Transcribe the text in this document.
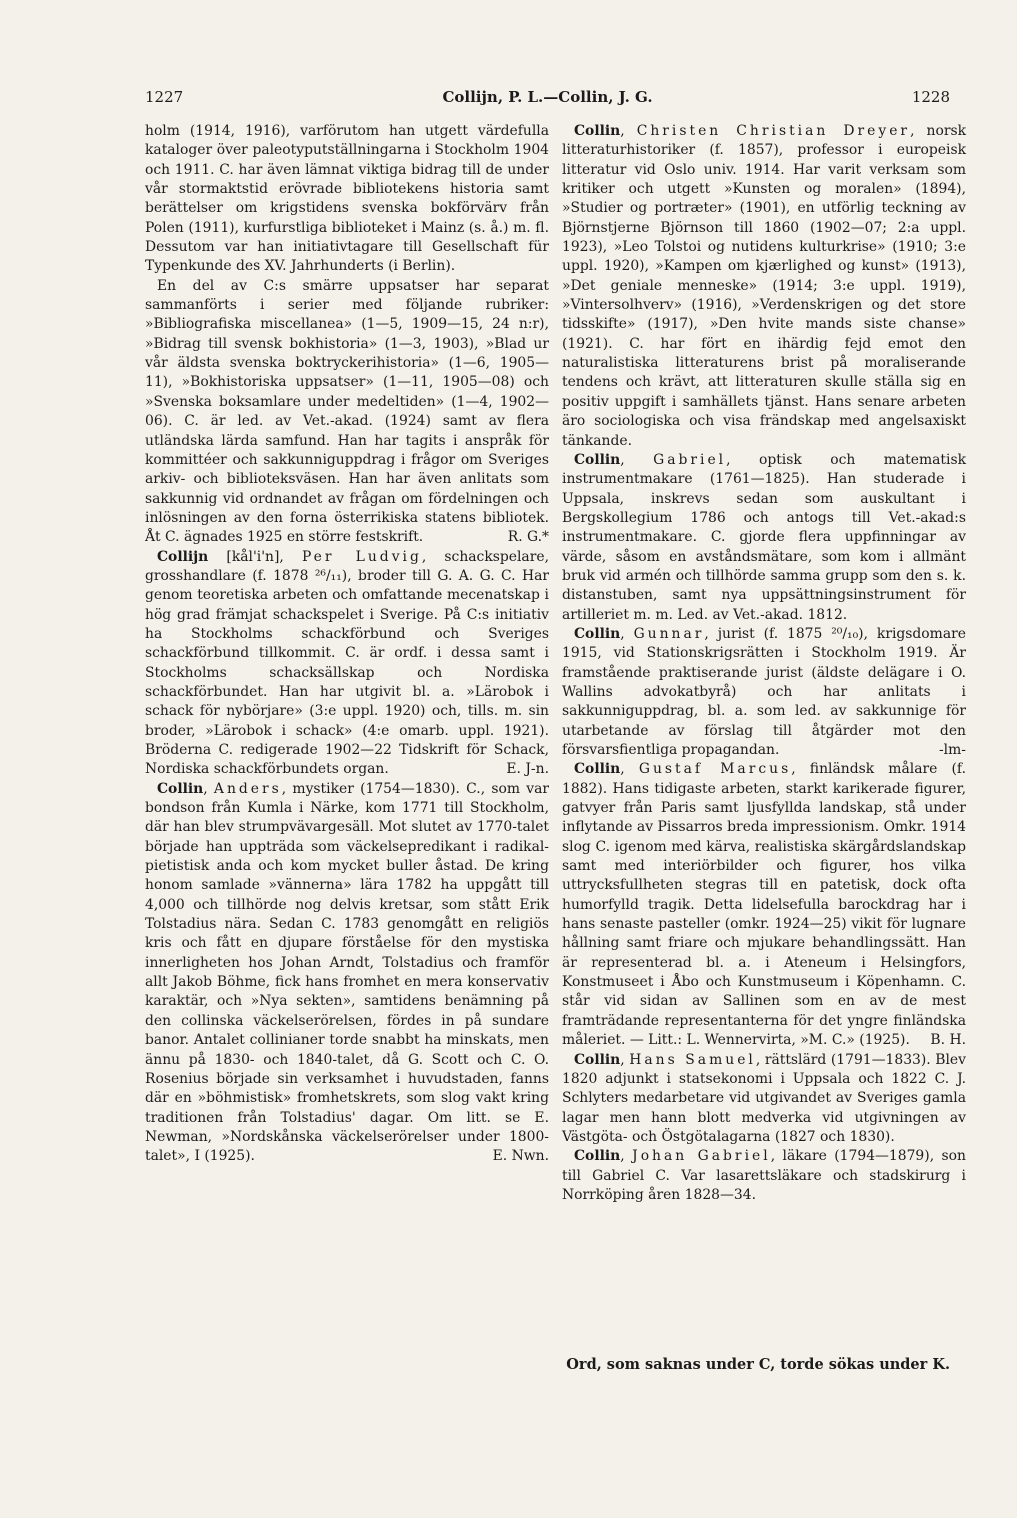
1227	Collijn, P. L.—Collin, J. G.	1228

holm (1914, 1916), varförutom han utgett värdefulla kataloger över paleotyputställningarna i Stockholm 1904 och 1911. C. har även lämnat viktiga bidrag till de under vår stormaktstid erövrade bibliotekens historia samt berättelser om krigstidens svenska bokförvärv från Polen (1911), kurfurstliga biblioteket i Mainz (s. å.) m. fl. Dessutom var han initiativtagare till Gesellschaft für Typenkunde des XV. Jahrhunderts (i Berlin).

En del av C:s smärre uppsatser har separat sammanförts i serier med följande rubriker: »Bibliografiska miscellanea» (1—5, 1909—15, 24 n:r), »Bidrag till svensk bokhistoria» (1—3, 1903), »Blad ur vår äldsta svenska boktryckerihistoria» (1—6, 1905—11), »Bokhistoriska uppsatser» (1—11, 1905—08) och »Svenska boksamlare under medeltiden» (1—4, 1902—06). C. är led. av Vet.-akad. (1924) samt av flera utländska lärda samfund. Han har tagits i anspråk för kommittéer och sakkunniguppdrag i frågor om Sveriges arkiv- och biblioteksväsen. Han har även anlitats som sakkunnig vid ordnandet av frågan om fördelningen och inlösningen av den forna österrikiska statens bibliotek. Åt C. ägnades 1925 en större festskrift.	R. G.*

Collijn [kål'i'n], Per Ludvig, schackspelare, grosshandlare (f. 1878 ²⁶/₁₁), broder till G. A. G. C. Har genom teoretiska arbeten och omfattande mecenatskap i hög grad främjat schackspelet i Sverige. På C:s initiativ ha Stockholms schackförbund och Sveriges schackförbund tillkommit. C. är ordf. i dessa samt i Stockholms schacksällskap och Nordiska schackförbundet. Han har utgivit bl. a. »Lärobok i schack för nybörjare» (3:e uppl. 1920) och, tills. m. sin broder, »Lärobok i schack» (4:e omarb. uppl. 1921). Bröderna C. redigerade 1902—22 Tidskrift för Schack, Nordiska schackförbundets organ.	E. J-n.

Collin, Anders, mystiker (1754—1830). C., som var bondson från Kumla i Närke, kom 1771 till Stockholm, där han blev strumpvävargesäll. Mot slutet av 1770-talet började han uppträda som väckelsepredikant i radikal-pietistisk anda och kom mycket buller åstad. De kring honom samlade »vännerna» lära 1782 ha uppgått till 4,000 och tillhörde nog delvis kretsar, som stått Erik Tolstadius nära. Sedan C. 1783 genomgått en religiös kris och fått en djupare förståelse för den mystiska innerligheten hos Johan Arndt, Tolstadius och framför allt Jakob Böhme, fick hans fromhet en mera konservativ karaktär, och »Nya sekten», samtidens benämning på den collinska väckelserörelsen, fördes in på sundare banor. Antalet collinianer torde snabbt ha minskats, men ännu på 1830- och 1840-talet, då G. Scott och C. O. Rosenius började sin verksamhet i huvudstaden, fanns där en »böhmistisk» fromhetskrets, som slog vakt kring traditionen från Tolstadius' dagar. Om litt. se E. Newman, »Nordskånska väckelserörelser under 1800-talet», I (1925).	E. Nwn.

Collin, Christen Christian Dreyer, norsk litteraturhistoriker (f. 1857), professor i europeisk litteratur vid Oslo univ. 1914. Har varit verksam som kritiker och utgett »Kunsten og moralen» (1894), »Studier og portræter» (1901), en utförlig teckning av Björnstjerne Björnson till 1860 (1902—07; 2:a uppl. 1923), »Leo Tolstoi og nutidens kulturkrise» (1910; 3:e uppl. 1920), »Kampen om kjærlighed og kunst» (1913), »Det geniale menneske» (1914; 3:e uppl. 1919), »Vintersolhverv» (1916), »Verdenskrigen og det store tidsskifte» (1917), »Den hvite mands siste chanse» (1921). C. har fört en ihärdig fejd emot den naturalistiska litteraturens brist på moraliserande tendens och krävt, att litteraturen skulle ställa sig en positiv uppgift i samhällets tjänst. Hans senare arbeten äro sociologiska och visa frändskap med angelsaxiskt tänkande.

Collin, Gabriel, optisk och matematisk instrumentmakare (1761—1825). Han studerade i Uppsala, inskrevs sedan som auskultant i Bergskollegium 1786 och antogs till Vet.-akad:s instrumentmakare. C. gjorde flera uppfinningar av värde, såsom en avståndsmätare, som kom i allmänt bruk vid armén och tillhörde samma grupp som den s. k. distanstuben, samt nya uppsättningsinstrument för artilleriet m. m. Led. av Vet.-akad. 1812.

Collin, Gunnar, jurist (f. 1875 ²⁰/₁₀), krigsdomare 1915, vid Stationskrigsrätten i Stockholm 1919. Är framstående praktiserande jurist (äldste delägare i O. Wallins advokatbyrå) och har anlitats i sakkunniguppdrag, bl. a. som led. av sakkunnige för utarbetande av förslag till åtgärder mot den försvarsfientliga propagandan.	-lm-

Collin, Gustaf Marcus, finländsk målare (f. 1882). Hans tidigaste arbeten, starkt karikerade figurer, gatvyer från Paris samt ljusfyllda landskap, stå under inflytande av Pissarros breda impressionism. Omkr. 1914 slog C. igenom med kärva, realistiska skärgårdslandskap samt med interiörbilder och figurer, hos vilka uttrycksfullheten stegras till en patetisk, dock ofta humorfylld tragik. Detta lidelsefulla barockdrag har i hans senaste pasteller (omkr. 1924—25) vikit för lugnare hållning samt friare och mjukare behandlingssätt. Han är representerad bl. a. i Ateneum i Helsingfors, Konstmuseet i Åbo och Kunstmuseum i Köpenhamn. C. står vid sidan av Sallinen som en av de mest framträdande representanterna för det yngre finländska måleriet. — Litt.: L. Wennervirta, »M. C.» (1925).	B. H.

Collin, Hans Samuel, rättslärd (1791—1833). Blev 1820 adjunkt i statsekonomi i Uppsala och 1822 C. J. Schlyters medarbetare vid utgivandet av Sveriges gamla lagar men hann blott medverka vid utgivningen av Västgöta- och Östgötalagarna (1827 och 1830).

Collin, Johan Gabriel, läkare (1794—1879), son till Gabriel C. Var lasarettsläkare och stadskirurg i Norrköping åren 1828—34.

Ord, som saknas under C, torde sökas under K.
